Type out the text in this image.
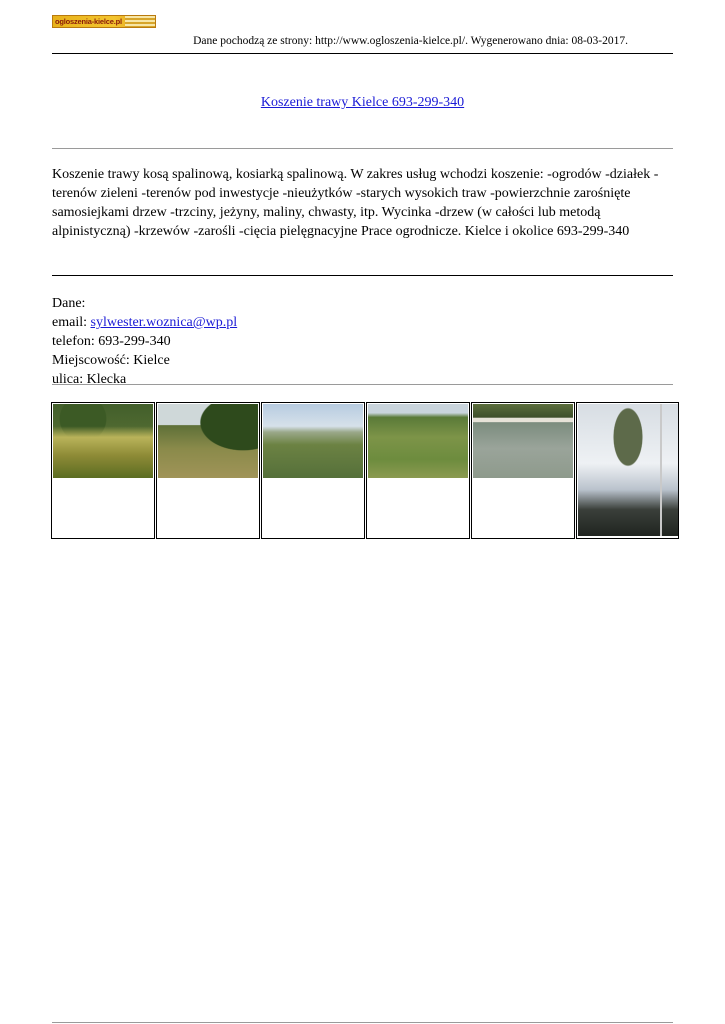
ogloszenia-kielce.pl
Dane pochodzą ze strony: http://www.ogloszenia-kielce.pl/. Wygenerowano dnia: 08-03-2017.
Koszenie trawy Kielce 693-299-340

Koszenie trawy kosą spalinową, kosiarką spalinową. W zakres usług wchodzi koszenie: -ogrodów -działek -terenów zieleni -terenów pod inwestycje -nieużytków -starych wysokich traw -powierzchnie zarośnięte samosiejkami drzew -trzciny, jeżyny, maliny, chwasty, itp. Wycinka -drzew (w całości lub metodą alpinistyczną) -krzewów -zarośli -cięcia pielęgnacyjne Prace ogrodnicze. Kielce i okolice 693-299-340

Dane:
email: sylwester.woznica@wp.pl
telefon: 693-299-340
Miejscowość: Kielce
ulica: Klecka
